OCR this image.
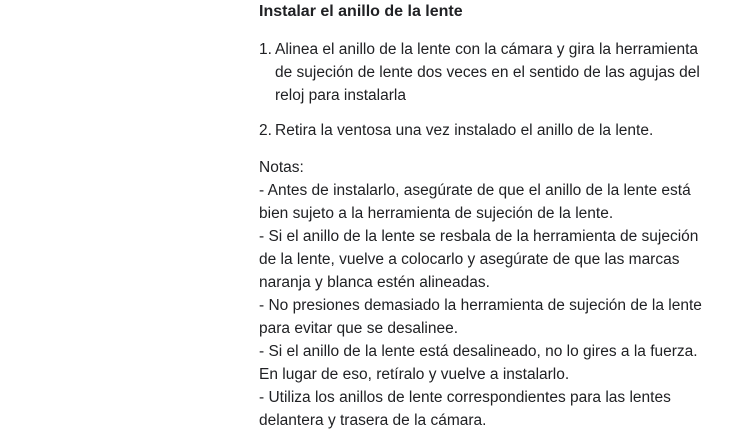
Instalar el anillo de la lente
1. Alinea el anillo de la lente con la cámara y gira la herramienta de sujeción de lente dos veces en el sentido de las agujas del reloj para instalarla
2. Retira la ventosa una vez instalado el anillo de la lente.

Notas:

- Antes de instalarlo, asegúrate de que el anillo de la lente está bien sujeto a la herramienta de sujeción de la lente.

- Si el anillo de la lente se resbala de la herramienta de sujeción de la lente, vuelve a colocarlo y asegúrate de que las marcas naranja y blanca estén alineadas.

- No presiones demasiado la herramienta de sujeción de la lente para evitar que se desalinee.

- Si el anillo de la lente está desalineado, no lo gires a la fuerza. En lugar de eso, retíralo y vuelve a instalarlo.

- Utiliza los anillos de lente correspondientes para las lentes delantera y trasera de la cámara.
